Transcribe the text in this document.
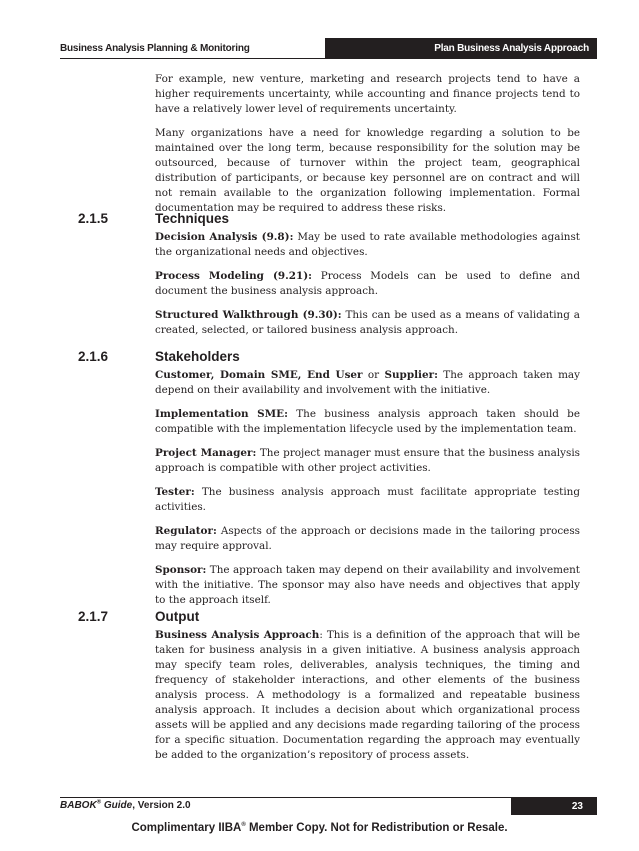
Business Analysis Planning & Monitoring	Plan Business Analysis Approach

For example, new venture, marketing and research projects tend to have a higher requirements uncertainty, while accounting and finance projects tend to have a relatively lower level of requirements uncertainty.

Many organizations have a need for knowledge regarding a solution to be maintained over the long term, because responsibility for the solution may be outsourced, because of turnover within the project team, geographical distribution of participants, or because key personnel are on contract and will not remain available to the organization following implementation. Formal documentation may be required to address these risks.

2.1.5	Techniques

Decision Analysis (9.8): May be used to rate available methodologies against the organizational needs and objectives.

Process Modeling (9.21): Process Models can be used to define and document the business analysis approach.

Structured Walkthrough (9.30): This can be used as a means of validating a created, selected, or tailored business analysis approach.

2.1.6	Stakeholders

Customer, Domain SME, End User or Supplier: The approach taken may depend on their availability and involvement with the initiative.

Implementation SME: The business analysis approach taken should be compatible with the implementation lifecycle used by the implementation team.

Project Manager: The project manager must ensure that the business analysis approach is compatible with other project activities.

Tester: The business analysis approach must facilitate appropriate testing activities.

Regulator: Aspects of the approach or decisions made in the tailoring process may require approval.

Sponsor: The approach taken may depend on their availability and involvement with the initiative. The sponsor may also have needs and objectives that apply to the approach itself.

2.1.7	Output

Business Analysis Approach: This is a definition of the approach that will be taken for business analysis in a given initiative. A business analysis approach may specify team roles, deliverables, analysis techniques, the timing and frequency of stakeholder interactions, and other elements of the business analysis process. A methodology is a formalized and repeatable business analysis approach. It includes a decision about which organizational process assets will be applied and any decisions made regarding tailoring of the process for a specific situation. Documentation regarding the approach may eventually be added to the organization’s repository of process assets.

BABOK® Guide, Version 2.0	23
Complimentary IIBA® Member Copy. Not for Redistribution or Resale.
